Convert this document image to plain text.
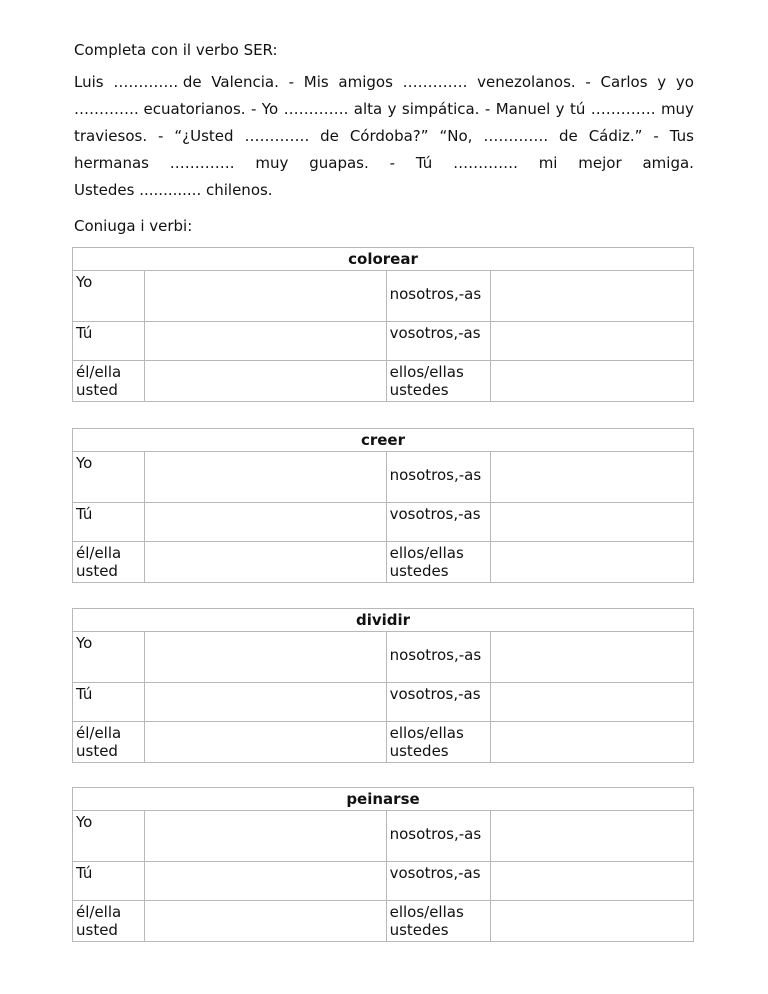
Completa con il verbo SER:

Luis …………. de Valencia. - Mis amigos …………. venezolanos. - Carlos y yo
…………. ecuatorianos. - Yo …………. alta y simpática. - Manuel y tú …………. muy
traviesos. - “¿Usted …………. de Córdoba?” “No, …………. de Cádiz.” - Tus
hermanas …………. muy guapas. - Tú …………. mi mejor amiga.
Ustedes ............. chilenos.

Coniuga i verbi:

colorear			
Yo		nosotros,-as	
Tú		vosotros,-as	
él/ella usted		ellos/ellas ustedes	
creer			
Yo		nosotros,-as	
Tú		vosotros,-as	
él/ella usted		ellos/ellas ustedes	
dividir			
Yo		nosotros,-as	
Tú		vosotros,-as	
él/ella usted		ellos/ellas ustedes	
peinarse			
Yo		nosotros,-as	
Tú		vosotros,-as	
él/ella usted		ellos/ellas ustedes	
